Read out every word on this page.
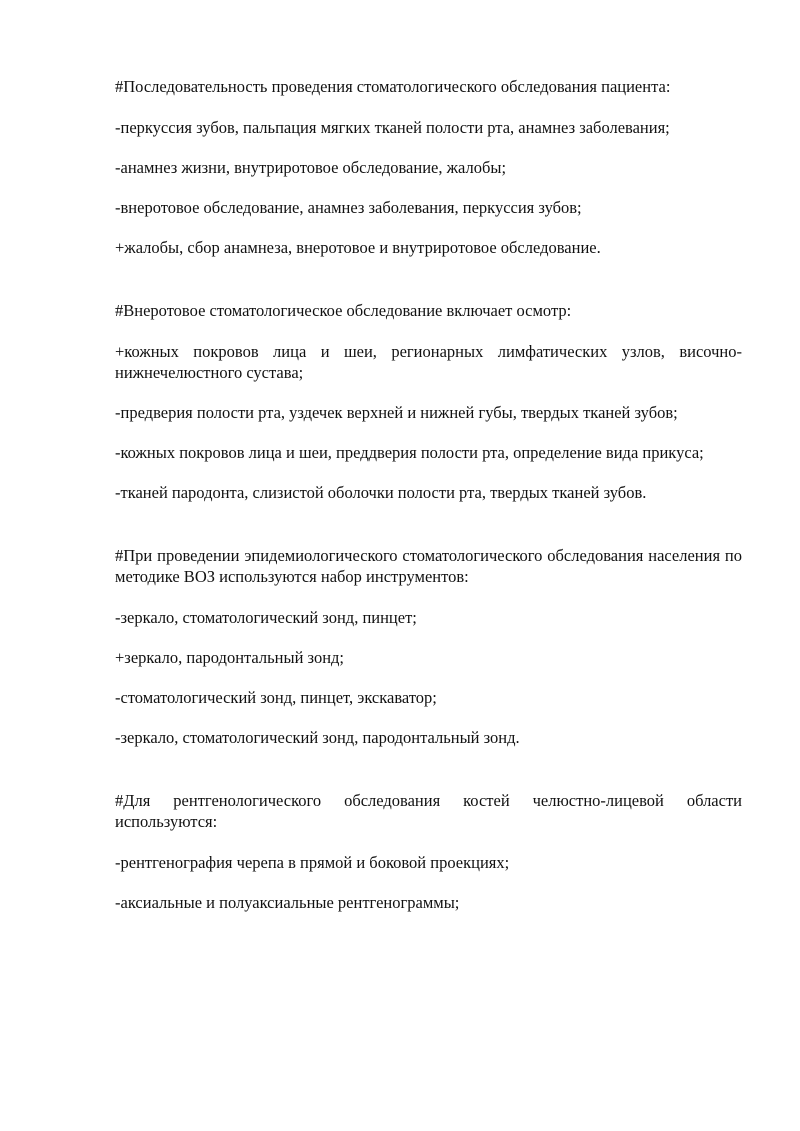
#Последовательность проведения стоматологического обследования пациента:

-перкуссия зубов, пальпация мягких тканей полости рта, анамнез заболевания;

-анамнез жизни, внутриротовое обследование, жалобы;

-внеротовое обследование, анамнез заболевания, перкуссия зубов;

+жалобы, сбор анамнеза, внеротовое и внутриротовое обследование.

#Внеротовое стоматологическое обследование включает осмотр:

+кожных покровов лица и шеи, регионарных лимфатических узлов, височно-нижнечелюстного сустава;

-предверия полости рта, уздечек верхней и нижней губы, твердых тканей зубов;

-кожных покровов лица и шеи, преддверия полости рта, определение вида прикуса;

-тканей пародонта, слизистой оболочки полости рта, твердых тканей зубов.

#При проведении эпидемиологического стоматологического обследования населения по методике ВОЗ используются набор инструментов:

-зеркало, стоматологический зонд, пинцет;

+зеркало, пародонтальный зонд;

-стоматологический зонд, пинцет, экскаватор;

-зеркало, стоматологический зонд, пародонтальный зонд.

#Для рентгенологического обследования костей челюстно-лицевой области используются:

-рентгенография черепа в прямой и боковой проекциях;

-аксиальные и полуаксиальные рентгенограммы;
